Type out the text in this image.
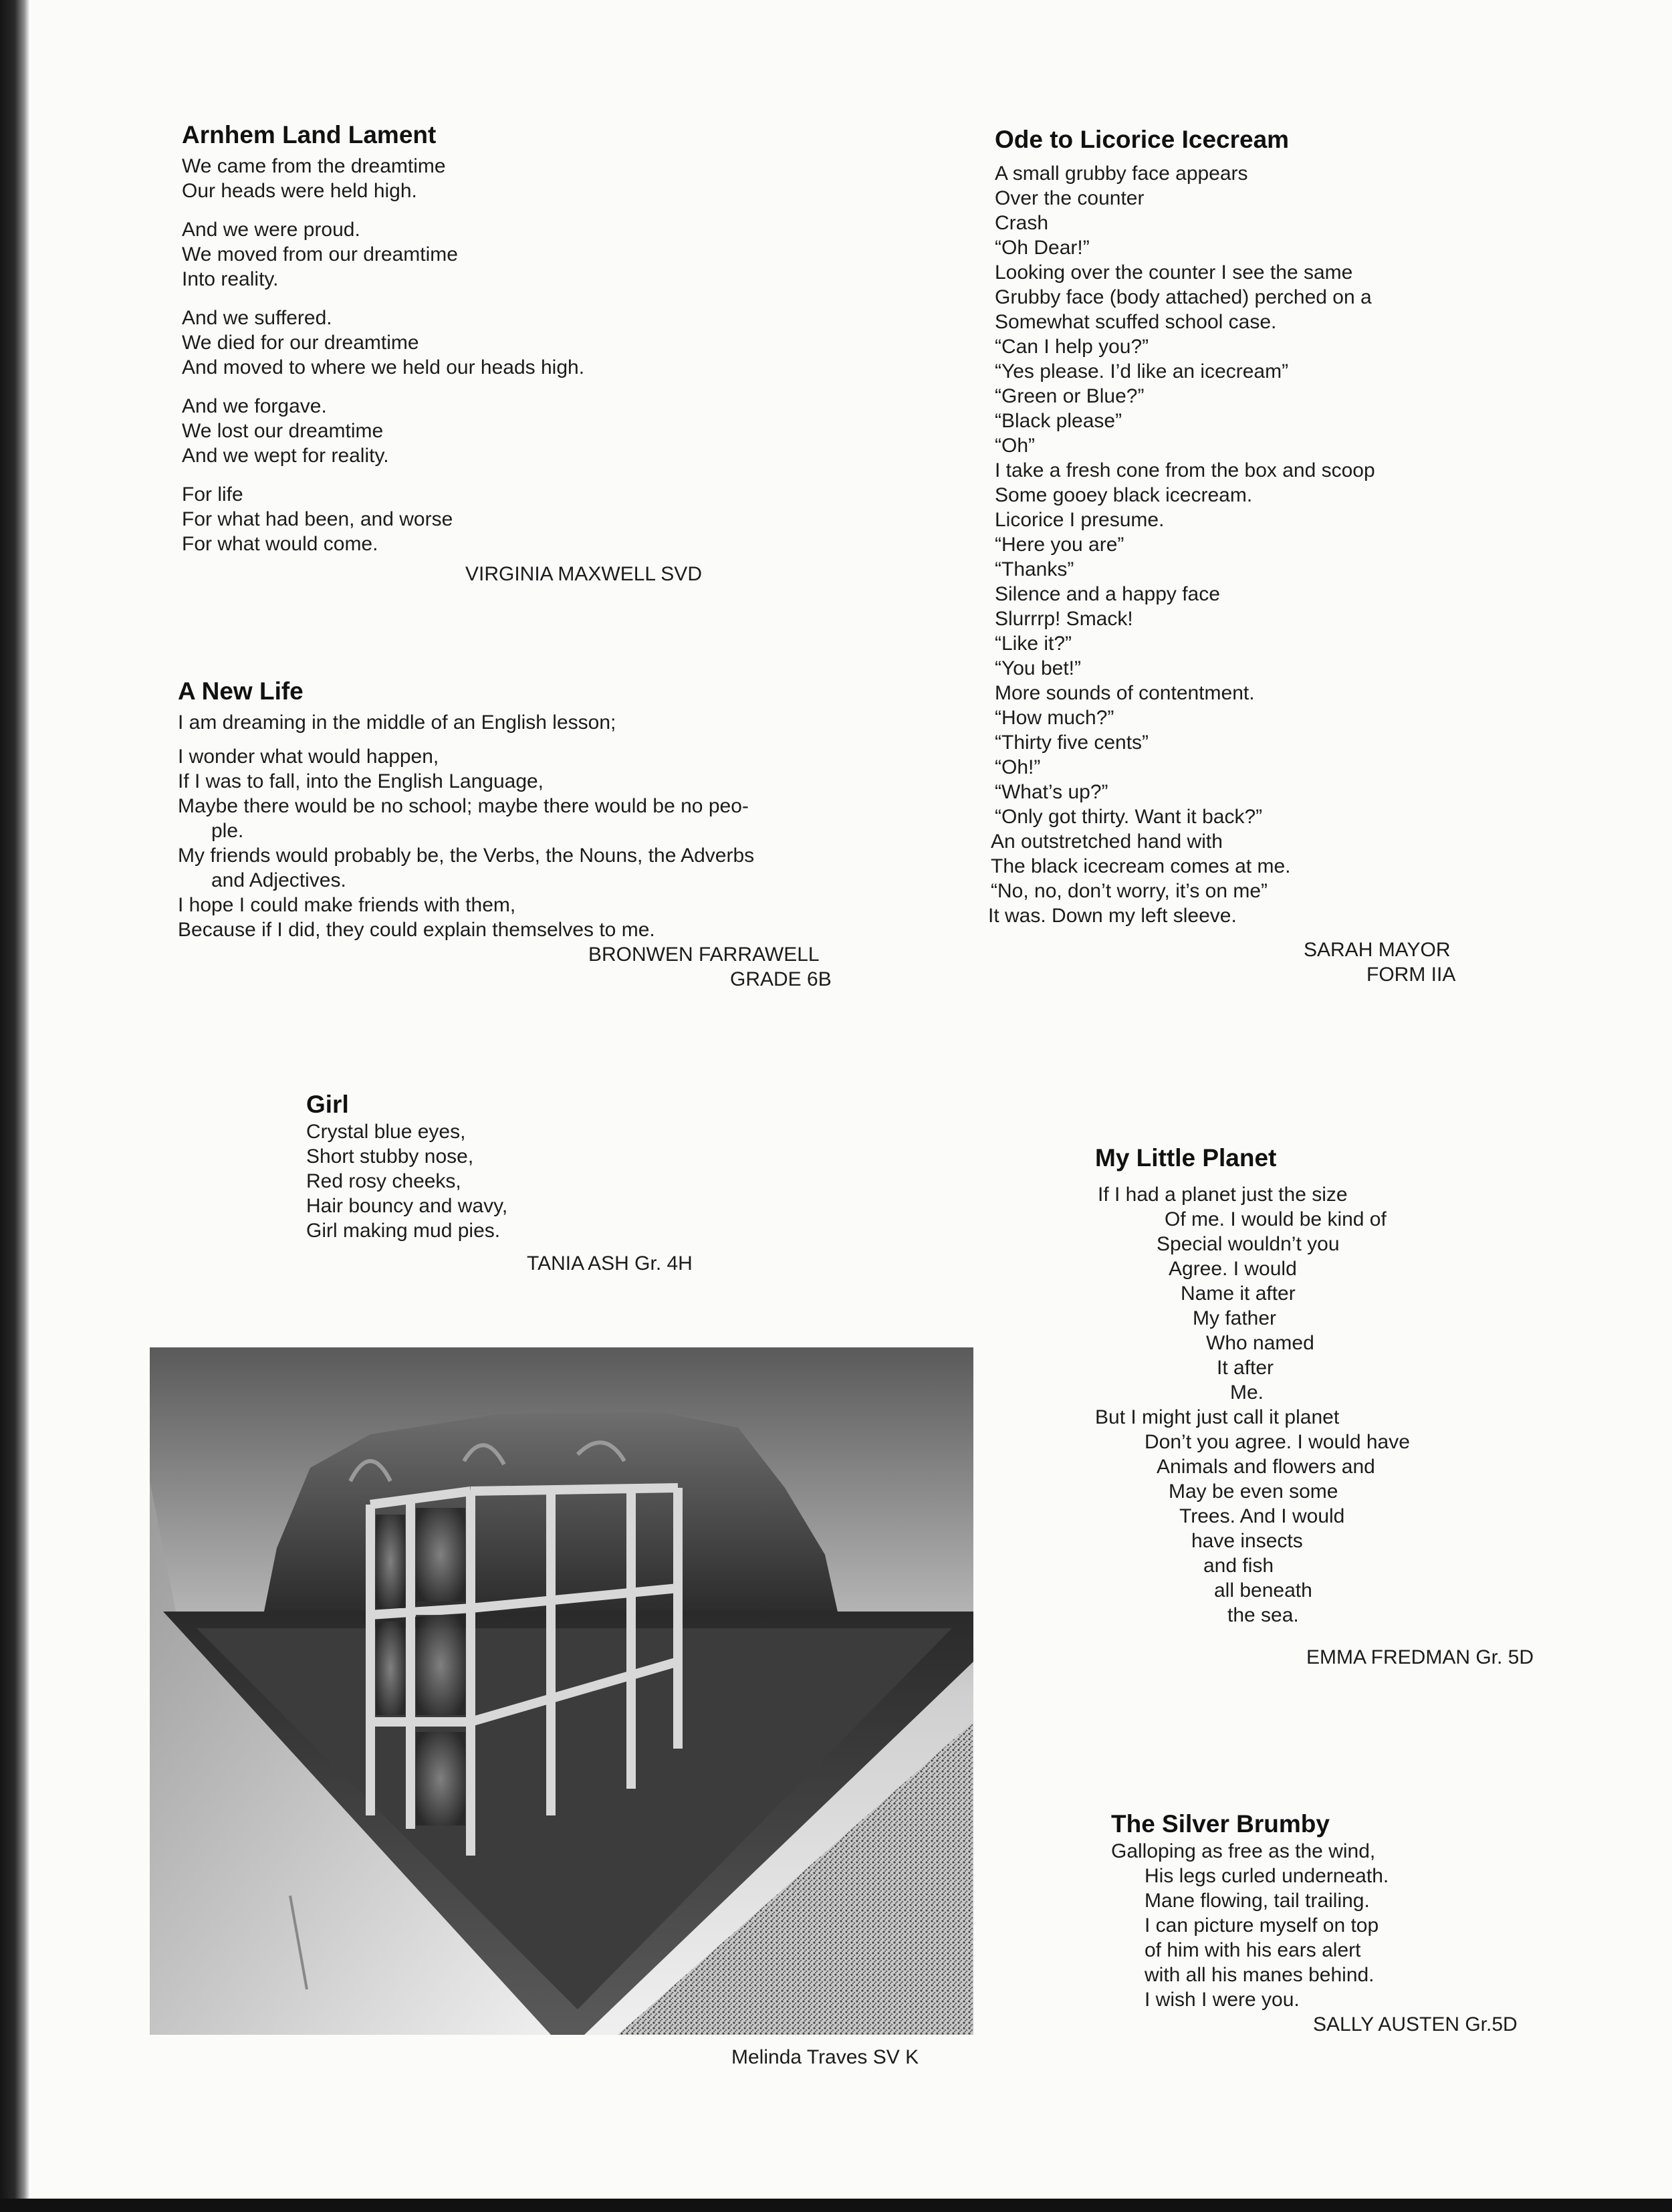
Arnhem Land Lament
We came from the dreamtime
Our heads were held high.
And we were proud.
We moved from our dreamtime
Into reality.
And we suffered.
We died for our dreamtime
And moved to where we held our heads high.
And we forgave.
We lost our dreamtime
And we wept for reality.
For life
For what had been, and worse
For what would come.
VIRGINIA MAXWELL SVD
A New Life
I am dreaming in the middle of an English lesson;
I wonder what would happen,
If I was to fall, into the English Language,
Maybe there would be no school; maybe there would be no peo-
ple.
My friends would probably be, the Verbs, the Nouns, the Adverbs
and Adjectives.
I hope I could make friends with them,
Because if I did, they could explain themselves to me.
BRONWEN FARRAWELL
GRADE 6B
Ode to Licorice Icecream
A small grubby face appears
Over the counter
Crash
“Oh Dear!”
Looking over the counter I see the same
Grubby face (body attached) perched on a
Somewhat scuffed school case.
“Can I help you?”
“Yes please. I’d like an icecream”
“Green or Blue?”
“Black please”
“Oh”
I take a fresh cone from the box and scoop
Some gooey black icecream.
Licorice I presume.
“Here you are”
“Thanks”
Silence and a happy face
Slurrrp! Smack!
“Like it?”
“You bet!”
More sounds of contentment.
“How much?”
“Thirty five cents”
“Oh!”
“What’s up?”
“Only got thirty. Want it back?”
An outstretched hand with
The black icecream comes at me.
“No, no, don’t worry, it’s on me”
It was. Down my left sleeve.
SARAH MAYOR
FORM IIA
Girl
Crystal blue eyes,
Short stubby nose,
Red rosy cheeks,
Hair bouncy and wavy,
Girl making mud pies.
TANIA ASH Gr. 4H
My Little Planet
If I had a planet just the size
Of me. I would be kind of
Special wouldn’t you
Agree. I would
Name it after
My father
Who named
It after
Me.
But I might just call it planet
Don’t you agree. I would have
Animals and flowers and
May be even some
Trees. And I would
have insects
and fish
all beneath
the sea.
EMMA FREDMAN Gr. 5D
The Silver Brumby
Galloping as free as the wind,
His legs curled underneath.
Mane flowing, tail trailing.
I can picture myself on top
of him with his ears alert
with all his manes behind.
I wish I were you.
SALLY AUSTEN Gr.5D
Melinda Traves SV K
